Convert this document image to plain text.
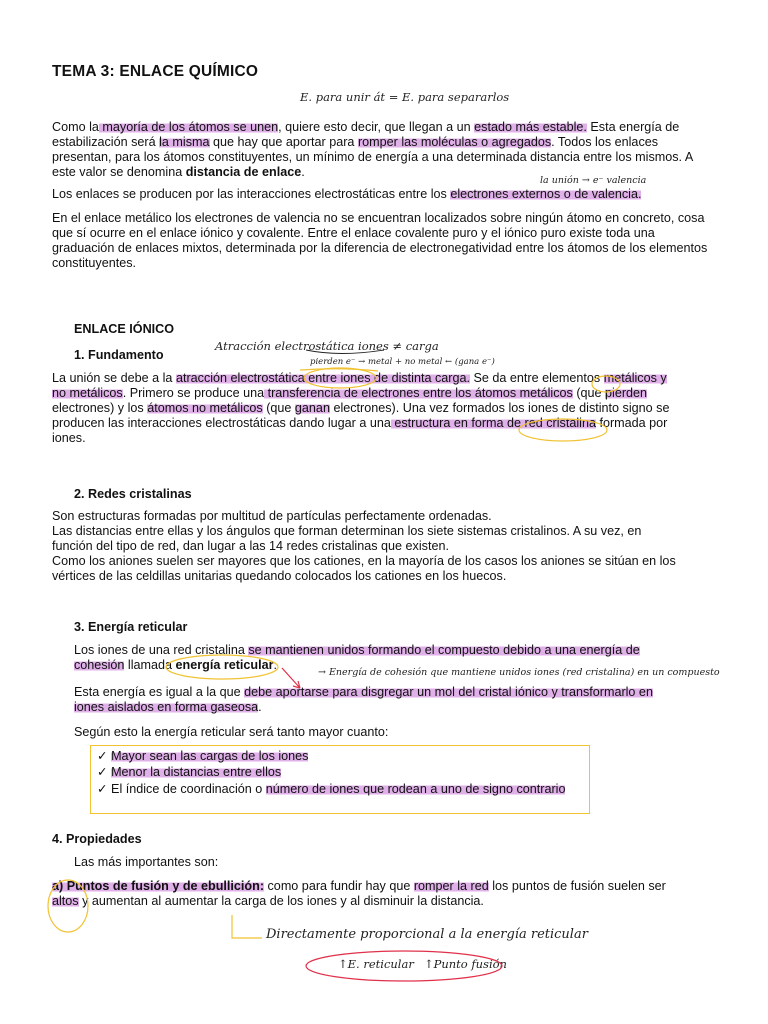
TEMA 3: ENLACE QUÍMICO
E. para unir át = E. para separarlos
Como la mayoría de los átomos se unen, quiere esto decir, que llegan a un estado más estable. Esta energía de
estabilización será la misma que hay que aportar para romper las moléculas o agregados. Todos los enlaces
presentan, para los átomos constituyentes, un mínimo de energía a una determinada distancia entre los mismos. A
este valor se denomina distancia de enlace.
la unión → e⁻ valencia
Los enlaces se producen por las interacciones electrostáticas entre los electrones externos o de valencia.
En el enlace metálico los electrones de valencia no se encuentran localizados sobre ningún átomo en concreto, cosa
que sí ocurre en el enlace iónico y covalente. Entre el enlace covalente puro y el iónico puro existe toda una
graduación de enlaces mixtos, determinada por la diferencia de electronegatividad entre los átomos de los elementos
constituyentes.
ENLACE IÓNICO
Atracción electrostática iones ≠ carga
pierden e⁻ → metal + no metal ← (gana e⁻)
1. Fundamento
La unión se debe a la atracción electrostática entre iones de distinta carga. Se da entre elementos metálicos y
no metálicos. Primero se produce una transferencia de electrones entre los átomos metálicos (que pierden
electrones) y los átomos no metálicos (que ganan electrones). Una vez formados los iones de distinto signo se
producen las interacciones electrostáticas dando lugar a una estructura en forma de red cristalina formada por
iones.
2. Redes cristalinas
Son estructuras formadas por multitud de partículas perfectamente ordenadas.
Las distancias entre ellas y los ángulos que forman determinan los siete sistemas cristalinos. A su vez, en
función del tipo de red, dan lugar a las 14 redes cristalinas que existen.
Como los aniones suelen ser mayores que los cationes, en la mayoría de los casos los aniones se sitúan en los
vértices de las celdillas unitarias quedando colocados los cationes en los huecos.
3. Energía reticular
Los iones de una red cristalina se mantienen unidos formando el compuesto debido a una energía de
cohesión llamada energía reticular.
→ Energía de cohesión que mantiene unidos iones (red cristalina) en un compuesto
Esta energía es igual a la que debe aportarse para disgregar un mol del cristal iónico y transformarlo en
iones aislados en forma gaseosa.
Según esto la energía reticular será tanto mayor cuanto:
✓ Mayor sean las cargas de los iones
✓ Menor la distancias entre ellos
✓ El índice de coordinación o número de iones que rodean a uno de signo contrario
4. Propiedades
Las más importantes son:
a) Puntos de fusión y de ebullición: como para fundir hay que romper la red los puntos de fusión suelen ser
altos y aumentan al aumentar la carga de los iones y al disminuir la distancia.
Directamente proporcional a la energía reticular
↑E. reticular ↑Punto fusión
